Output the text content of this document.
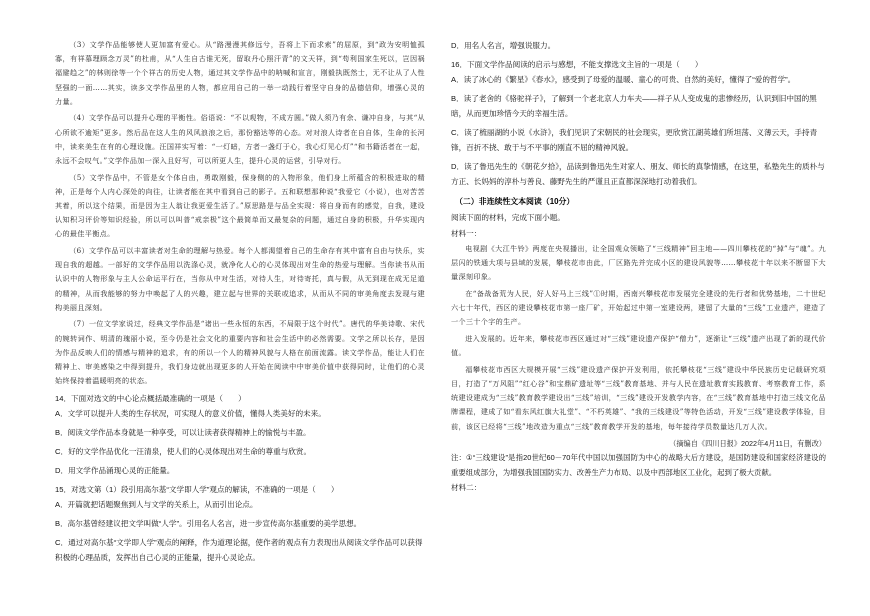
（3）文学作品能够使人更加富有爱心。从“路漫漫其修远兮，吾将上下而求索”的屈原，到“政为安明恤孤寡，有祥慕理顾念万灵”的杜甫，从“人生自古谁无死，留取丹心照汗青”的文天祥，到“苟利国家生死以，岂因祸福避趋之”的林则徐等一个个祥古的历史人物，通过其文学作品中的呐喊和宣言，刚毅执既然士，无不让从了人性坚强的一面……其实，读多文学作品里的人物，都应用自己的一举一动践行着坚守自身的品德信仰，增强心灵的力量。

（4）文学作品可以提升心理的平衡性。俗语说：“不以观物，不成方圆。”做人须乃有余、谦冲自身，与其“从心所欲不逾矩”更多。然后品在这人生的风风浪浪之后，那份豁达等的心态。对对浪人诗者在自自体，生命的长河中，读来美生在有的心理设施。汪国祥实写着：“一灯暗，方者一盏灯于心，我心灯见心灯”“和书籍活者在一起，永远不会叹气。”文学作品加一深入且好写，可以所更人生，提升心灵的运营，引导对行。

（5）文学作品中，不管是女个体自由，勇敢刚毅，保身侧的的入物形象，他们身上所蕴含的积极进取的精神，正是每个人内心深处的向往，让读者能在其中看到自己的影子。五和联想那种说“我爱它（小说），也对苦苦其着，所以这个结果，而是因为主人翁让我更爱生活了。”原思路是与品全实现：将自身而有的感觉，自我，建设认知积习评价等知识经验，所以可以叫普“戒亲极”这个最简单而又最复杂的问题，通过自身的积极，升华实现内心的最佳平衡点。

（6）文学作品可以丰富读者对生命的理解与热爱。每个人都渴望着自己的生命存有其中富有自由与快乐，实现自我的超越。一部好的文学作品用以洗涤心灵，就净化人心的心灵体现出对生命的热爱与理解。当你读书从而认识中的人物形象与主人公命运平行在，当你从中对生活，对待人生，对待寄托，真与假，从无到现在成无足道的精神，从而我能够的努力中唤起了人的兴趣，建立起与世界的关联或追求，从而从不同的审美角度去发现与建构美丽且深刻。

（7）一位文学家说过，经典文学作品是“诸出一些永恒的东西，不局限于这个时代”。唐代的华美诗歌、宋代的婉转词作、明清的瑰丽小说，至今仍是社会文化的重要内容和社会生活中的必然需要。文学之所以长存，是因为作品反映人们的情感与精神的追求，有的所以一个人的精神风貌与人格在前面流露。读文学作品，能让人们在精神上、审美感染之中得到提升，我们身边就出现更多的人开始在阅读中中审美价值中获得同时，让他们的心灵始终保持着温暖明亮的状态。

14．下面对选文的中心论点概括最准确的一项是（　　）

A．文学可以提升人类的生存状况，可实现人的意义价值，懂得人类美好的未来。

B．阅读文学作品本身就是一种享受，可以让读者获得精神上的愉悦与丰盈。

C．好的文学作品优化一汪清泉，使人们的心灵体现出对生命的尊重与欣赏。

D．用文学作品涌现心灵的正能量。

15．对选文第（1）段引用高尔基“文学即人学”观点的解读，不准确的一项是（　　）

A．开篇就把话题聚焦到人与文学的关系上，从而引出论点。

B．高尔基曾经建议把文学叫做“人学”。引用名人名言，进一步宣传高尔基重要的美学思想。

C．通过对高尔基“文学即人学”观点的阐释，作为道理论据，使作者的观点有力表现出从阅读文学作品可以获得积极的心理品质，发挥出自己心灵的正能量，提升心灵论点。

D．用名人名言，增强说服力。

16．下面文学作品阅读的启示与感想，不能支撑选文主旨的一项是（　　）

A．读了冰心的《繁星》《春水》，感受到了母爱的温暖、童心的可贵、自然的美好，懂得了“爱的哲学”。

B．读了老舍的《骆驼祥子》，了解到一个老北京人力车夫——祥子从人变成鬼的悲惨经历，认识到旧中国的黑暗，从而更加珍惜今天的幸福生活。

C．读了梳丽湖的小说《水浒》，我们见识了宋朝民的社会现实，更欣赏江湖英雄们所坦荡、义薄云天，手持青锋，百折不挠、敢于与不平事的刚直不屈的精神风貌。

D．读了鲁迅先生的《朝花夕拾》，品读到鲁迅先生对家人、朋友、师长的真挚情感，在这里，私塾先生的质朴与方正、长妈妈的淳朴与善良、藤野先生的严谨且正直都深深地打动着我们。

（二）非连续性文本阅读（10分）

阅读下面的材料，完成下面小题。

材料一：

电视剧《大江牛铃》两度在央视播出，让全国观众领略了“三线精神”回主地——四川攀枝花的“掉”与“魂”。九层闪的铁通大项与县域的发展，攀枝花市由此，厂区路先并完成小区的建设风貌等……攀枝花十年以来不断留下大量深刻印象。

在“备战备荒为人民，好人好马上三线”①时期，西南兴攀枝花市发展完全建设的先行者和优势基地，二十世纪六七十年代，西区的建设攀枝花市第一座厂矿，开始起过中第一室建设两，建留了大量的“三线”工业遗产，建造了一个三十个字的生产。

进入发展的。近年来，攀枝花市西区通过对“三线”建设遗产保护“僧力”，逐渐让“三线”遗产出现了新的现代价值。

福攀枝花市西区大规模开展“三线”建设遗产保护开发利用，依托攀枝花“三线”建设中华民族历史记载研究项目，打造了“万风阻”“红心谷”和宝鼎矿遗址等“三线”教育基地、并与人民在遗址教育实践教育、考察教育工作，系统建设建成为“三线”教育教学建设出“三线”培训，“三线”建设开发教学内容，在“三线”教育基地中打造三线文化品牌课程，建成了如“看东风红旗大礼堂”、“不朽英雄”、“我的三线建设”等特色活动，开发“三线”建设教学体验，目前，该区已经将“三线”地改造为重点“三线”教育教学开发的基地，每年接待学员数量达几万人次。

（摘编自《四川日报》2022年4月11日，有删改）

注：①“三线建设”是指20世纪60－70年代中国以加强国防为中心的战略大后方建设，是国防建设和国家经济建设的重要组成部分，为增强我国国防实力、改善生产力布局、以及中西部地区工业化，起到了极大贡献。

材料二：
